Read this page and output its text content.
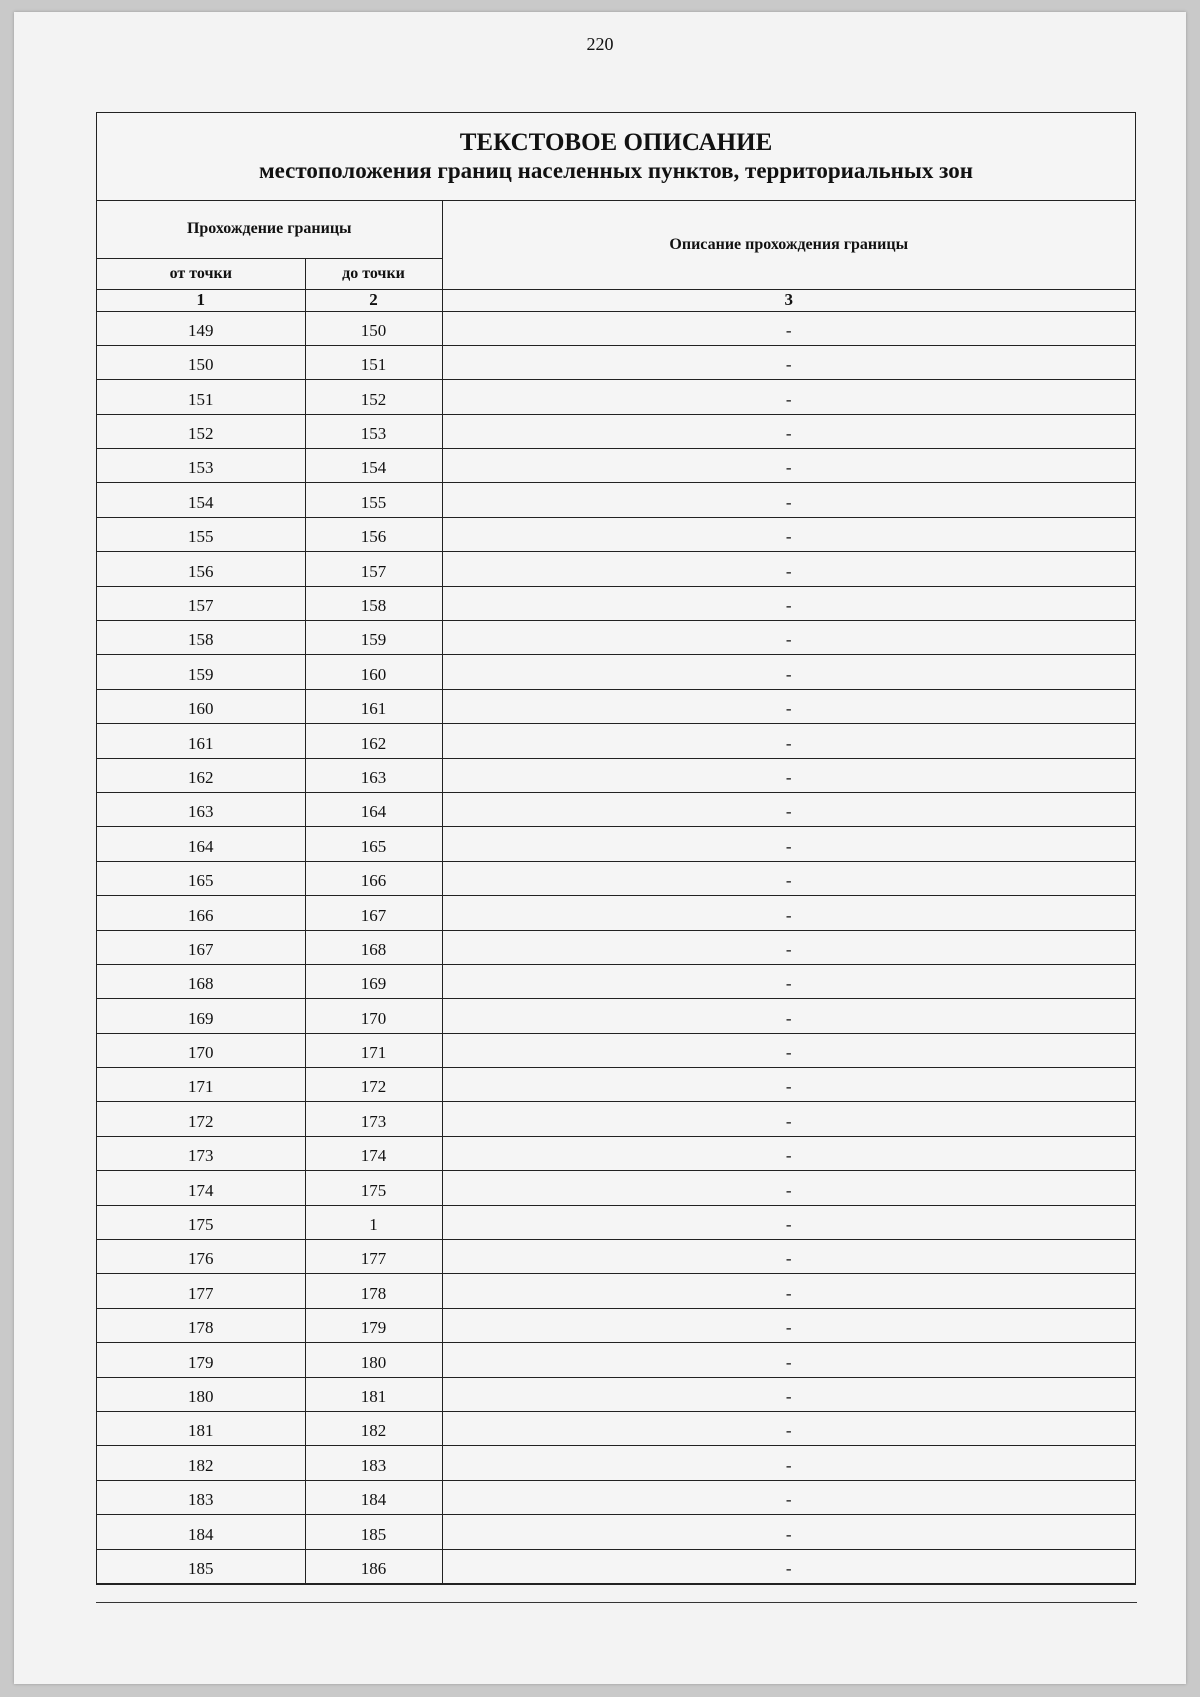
220
ТЕКСТОВОЕ ОПИСАНИЕ
местоположения границ населенных пунктов, территориальных зон
Прохождение границы		Описание прохождения границы
от точки	до точки	
1	2	3
149	150	-
150	151	-
151	152	-
152	153	-
153	154	-
154	155	-
155	156	-
156	157	-
157	158	-
158	159	-
159	160	-
160	161	-
161	162	-
162	163	-
163	164	-
164	165	-
165	166	-
166	167	-
167	168	-
168	169	-
169	170	-
170	171	-
171	172	-
172	173	-
173	174	-
174	175	-
175	1	-
176	177	-
177	178	-
178	179	-
179	180	-
180	181	-
181	182	-
182	183	-
183	184	-
184	185	-
185	186	-
